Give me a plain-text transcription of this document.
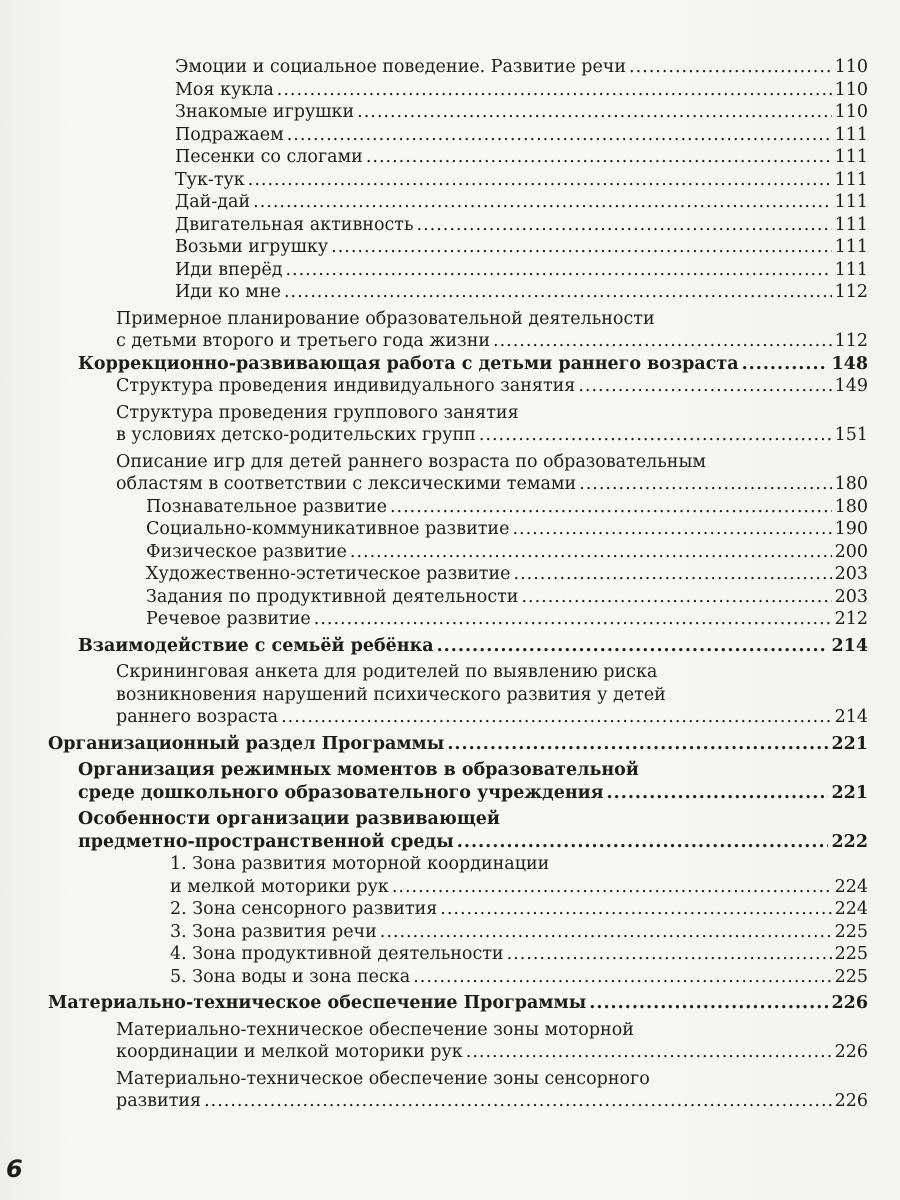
Эмоции и социальное поведение. Развитие речи .....	110
Моя кукла .....	110
Знакомые игрушки .....	110
Подражаем .....	111
Песенки со слогами .....	111
Тук-тук .....	111
Дай-дай .....	111
Двигательная активность .....	111
Возьми игрушку .....	111
Иди вперёд .....	111
Иди ко мне .....	112
Примерное планирование образовательной деятельности
с детьми второго и третьего года жизни .....	112
Коррекционно-развивающая работа с детьми раннего возраста .....	148
Структура проведения индивидуального занятия .....	149
Структура проведения группового занятия
в условиях детско-родительских групп .....	151
Описание игр для детей раннего возраста по образовательным
областям в соответствии с лексическими темами .....	180
Познавательное развитие .....	180
Социально-коммуникативное развитие .....	190
Физическое развитие .....	200
Художественно-эстетическое развитие .....	203
Задания по продуктивной деятельности .....	203
Речевое развитие .....	212
Взаимодействие с семьёй ребёнка .....	214
Скрининговая анкета для родителей по выявлению риска
возникновения нарушений психического развития у детей
раннего возраста .....	214
Организационный раздел Программы .....	221
Организация режимных моментов в образовательной
среде дошкольного образовательного учреждения .....	221
Особенности организации развивающей
предметно-пространственной среды .....	222
1. Зона развития моторной координации
и мелкой моторики рук .....	224
2. Зона сенсорного развития .....	224
3. Зона развития речи .....	225
4. Зона продуктивной деятельности .....	225
5. Зона воды и зона песка .....	225
Материально-техническое обеспечение Программы .....	226
Материально-техническое обеспечение зоны моторной
координации и мелкой моторики рук .....	226
Материально-техническое обеспечение зоны сенсорного
развития .....	226
6
